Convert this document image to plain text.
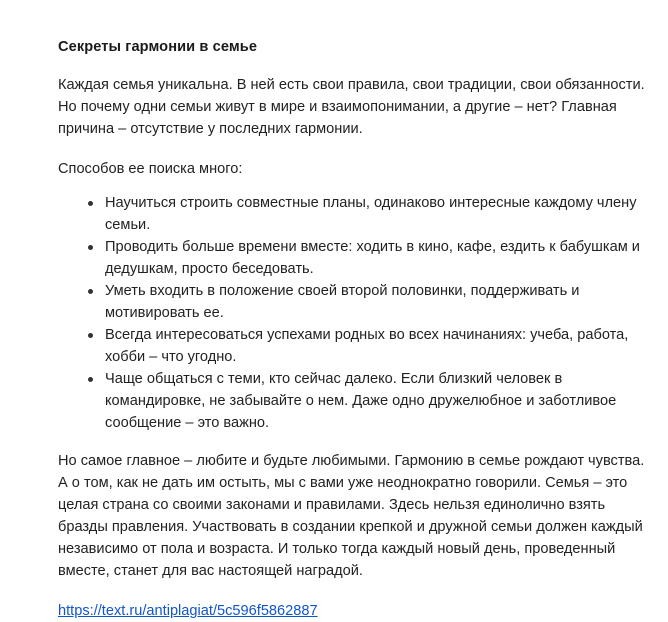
Секреты гармонии в семье

Каждая семья уникальна. В ней есть свои правила, свои традиции, свои обязанности. Но почему одни семьи живут в мире и взаимопонимании, а другие – нет? Главная причина – отсутствие у последних гармонии.

Способов ее поиска много:

Научиться строить совместные планы, одинаково интересные каждому члену семьи.
Проводить больше времени вместе: ходить в кино, кафе, ездить к бабушкам и дедушкам, просто беседовать.
Уметь входить в положение своей второй половинки, поддерживать и мотивировать ее.
Всегда интересоваться успехами родных во всех начинаниях: учеба, работа, хобби – что угодно.
Чаще общаться с теми, кто сейчас далеко. Если близкий человек в командировке, не забывайте о нем. Даже одно дружелюбное и заботливое сообщение – это важно.

Но самое главное – любите и будьте любимыми. Гармонию в семье рождают чувства. А о том, как не дать им остыть, мы с вами уже неоднократно говорили. Семья – это целая страна со своими законами и правилами. Здесь нельзя единолично взять бразды правления. Участвовать в создании крепкой и дружной семьи должен каждый независимо от пола и возраста. И только тогда каждый новый день, проведенный вместе, станет для вас настоящей наградой.

https://text.ru/antiplagiat/5c596f5862887
